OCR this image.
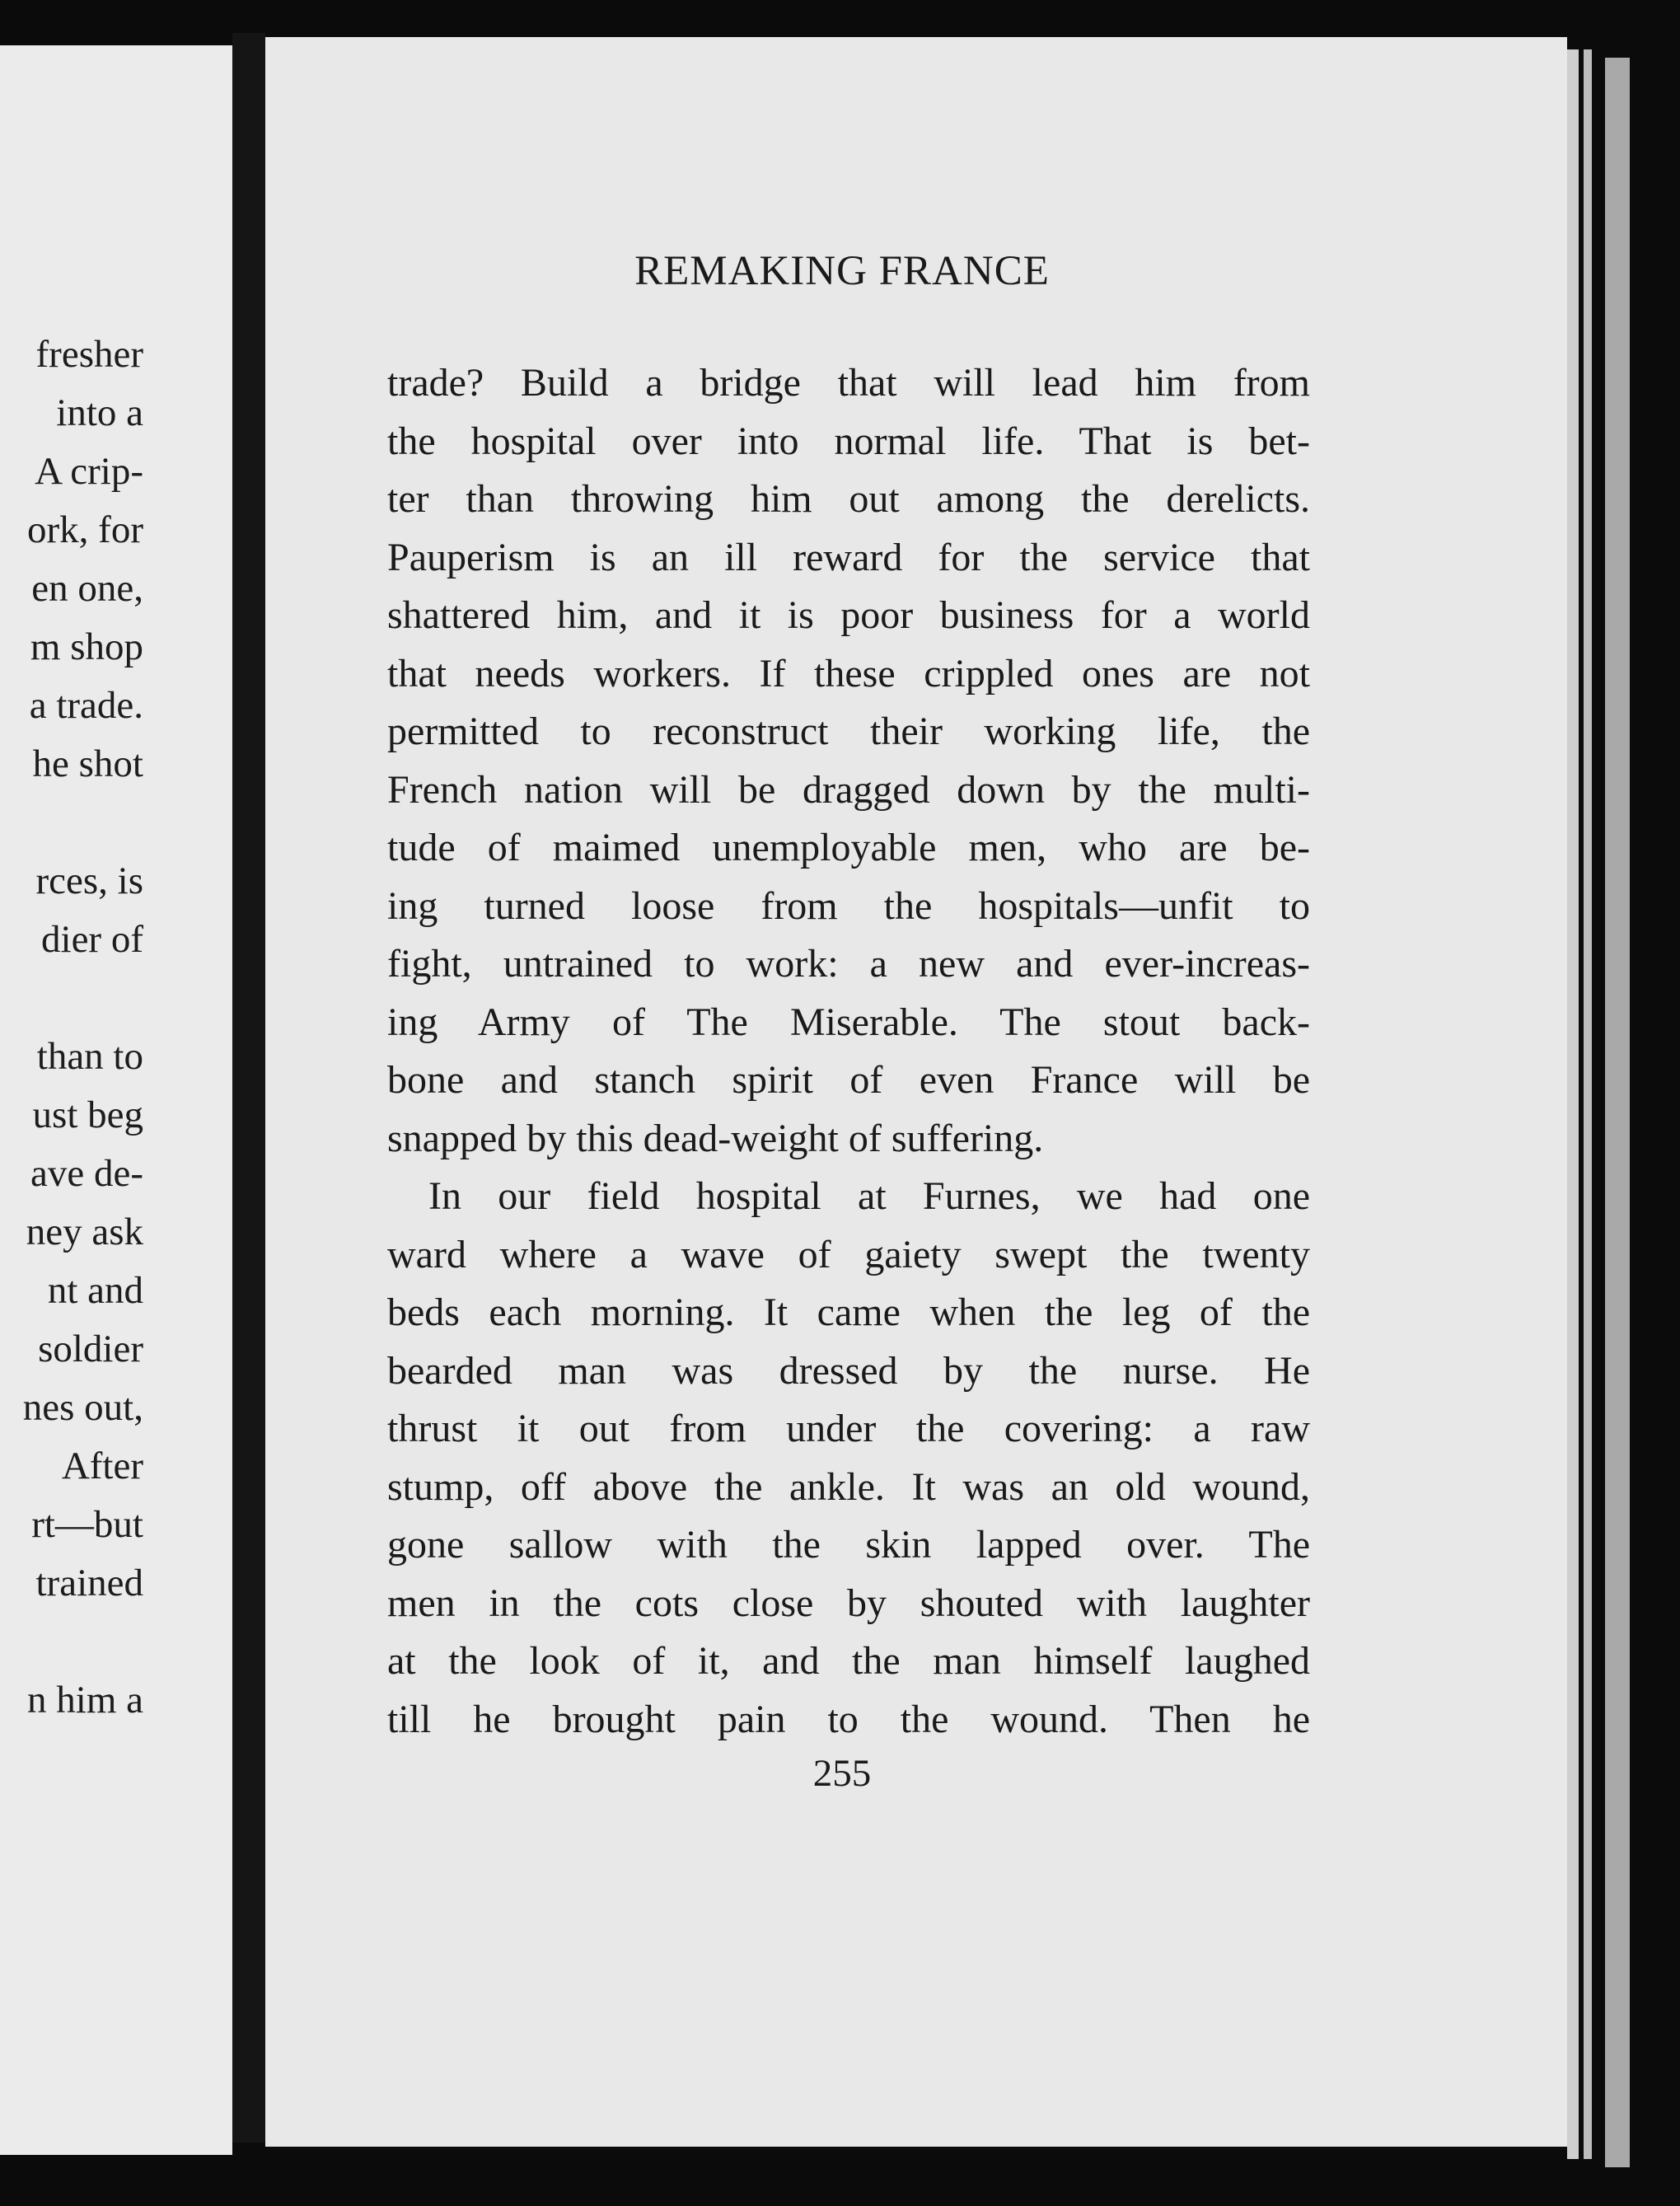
fresher
into a
A crip-
ork, for
en one,
m shop
a trade.
he shot
rces, is
dier of
than to
ust beg
ave de-
ney ask
nt and
soldier
nes out,
After
rt—but
trained
n him a
REMAKING FRANCE
trade? Build a bridge that will lead him from
the hospital over into normal life. That is bet-
ter than throwing him out among the derelicts.
Pauperism is an ill reward for the service that
shattered him, and it is poor business for a world
that needs workers. If these crippled ones are not
permitted to reconstruct their working life, the
French nation will be dragged down by the multi-
tude of maimed unemployable men, who are be-
ing turned loose from the hospitals—unfit to
fight, untrained to work: a new and ever-increas-
ing Army of The Miserable. The stout back-
bone and stanch spirit of even France will be
snapped by this dead-weight of suffering.
In our field hospital at Furnes, we had one
ward where a wave of gaiety swept the twenty
beds each morning. It came when the leg of the
bearded man was dressed by the nurse. He
thrust it out from under the covering: a raw
stump, off above the ankle. It was an old wound,
gone sallow with the skin lapped over. The
men in the cots close by shouted with laughter
at the look of it, and the man himself laughed
till he brought pain to the wound. Then he
255
